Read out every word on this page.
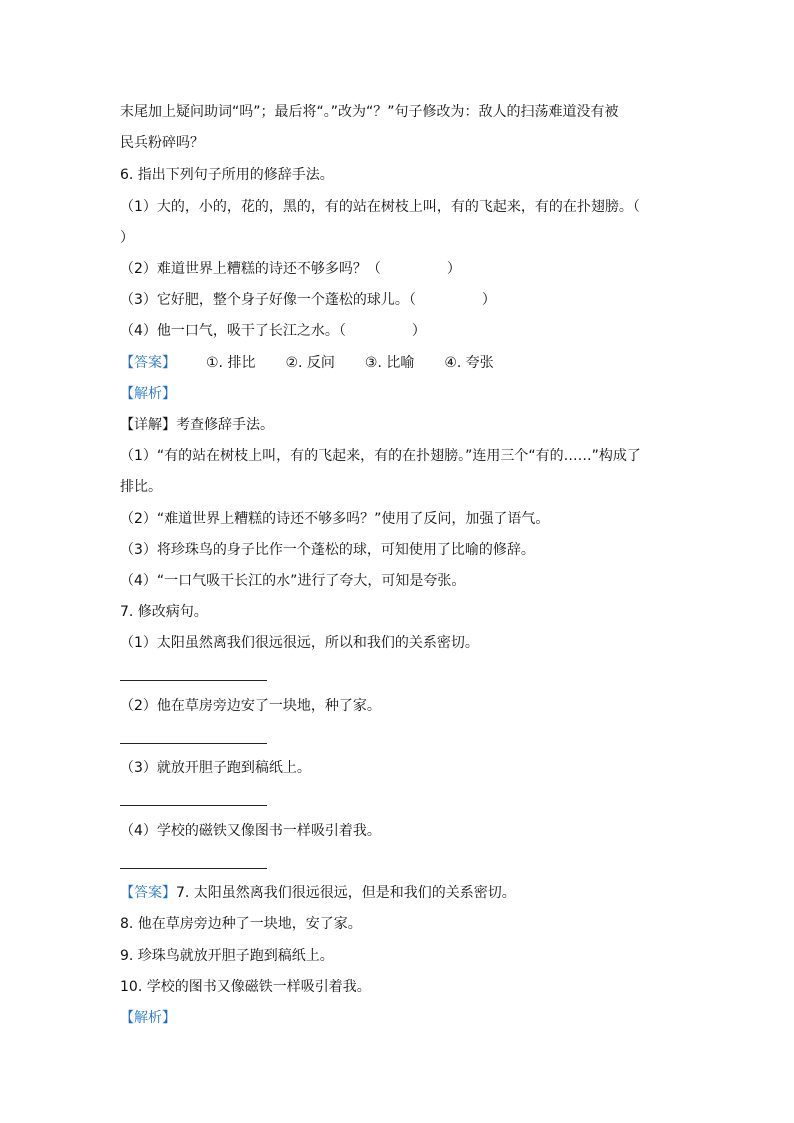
末尾加上疑问助词“吗”；最后将“。”改为“？”句子修改为：敌人的扫荡难道没有被
民兵粉碎吗？
6. 指出下列句子所用的修辞手法。
（1）大的，小的，花的，黑的，有的站在树枝上叫，有的飞起来，有的在扑翅膀。（
）
（2）难道世界上糟糕的诗还不够多吗？（	）
（3）它好肥，整个身子好像一个蓬松的球儿。（	）
（4）他一口气，吸干了长江之水。（	）
【答案】 ①. 排比 ②. 反问 ③. 比喻 ④. 夸张
【解析】
【详解】考查修辞手法。
（1）“有的站在树枝上叫，有的飞起来，有的在扑翅膀。”连用三个“有的……”构成了
排比。
（2）“难道世界上糟糕的诗还不够多吗？”使用了反问，加强了语气。
（3）将珍珠鸟的身子比作一个蓬松的球，可知使用了比喻的修辞。
（4）“一口气吸干长江的水”进行了夸大，可知是夸张。
7. 修改病句。
（1）太阳虽然离我们很远很远，所以和我们的关系密切。
（2）他在草房旁边安了一块地，种了家。
（3）就放开胆子跑到稿纸上。
（4）学校的磁铁又像图书一样吸引着我。
【答案】7. 太阳虽然离我们很远很远，但是和我们的关系密切。
8. 他在草房旁边种了一块地，安了家。
9. 珍珠鸟就放开胆子跑到稿纸上。
10. 学校的图书又像磁铁一样吸引着我。
【解析】
